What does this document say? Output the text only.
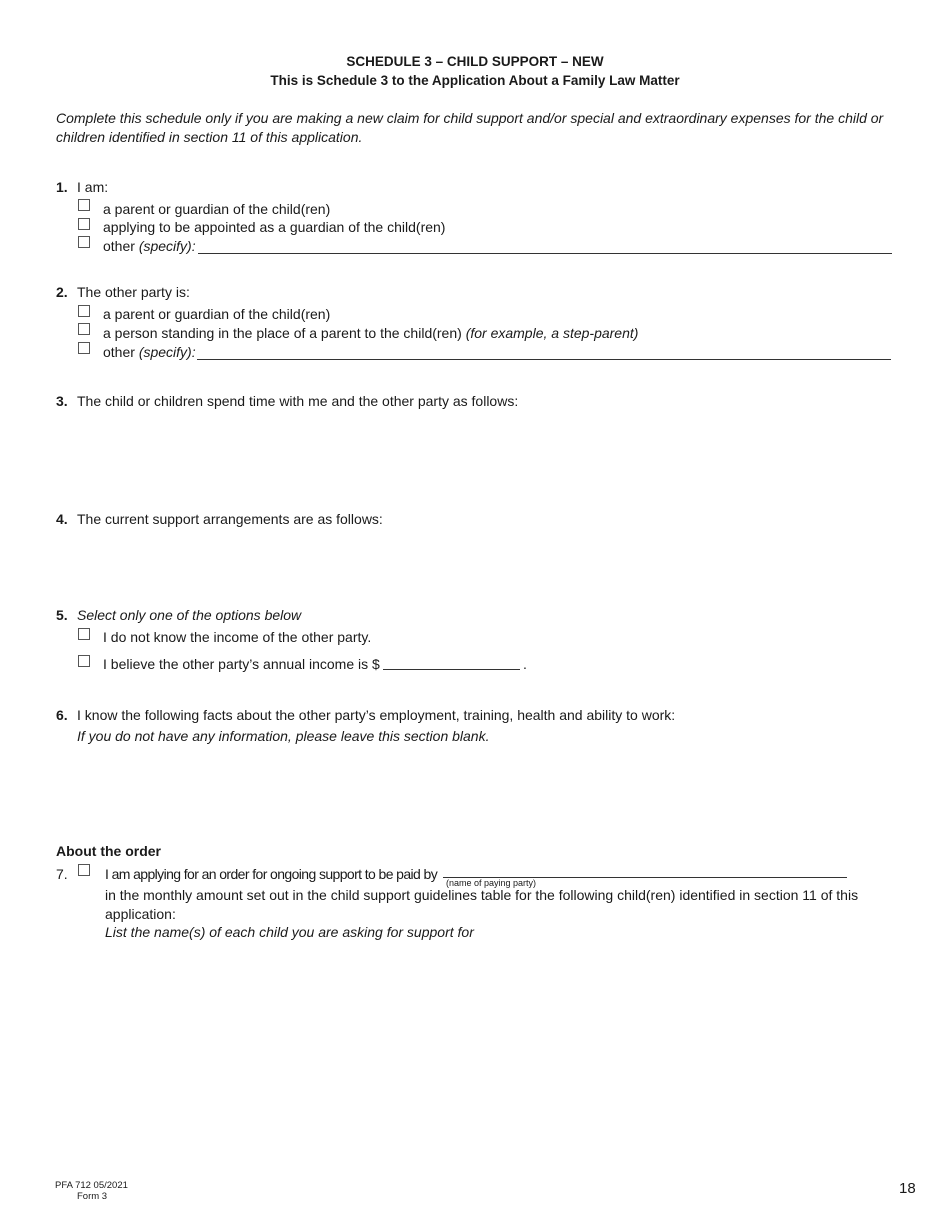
SCHEDULE 3 – CHILD SUPPORT – NEW
This is Schedule 3 to the Application About a Family Law Matter
Complete this schedule only if you are making a new claim for child support and/or special and extraordinary expenses for the child or children identified in section 11 of this application.
1. I am:
a parent or guardian of the child(ren)
applying to be appointed as a guardian of the child(ren)
other (specify):
2. The other party is:
a parent or guardian of the child(ren)
a person standing in the place of a parent to the child(ren) (for example, a step-parent)
other (specify):
3. The child or children spend time with me and the other party as follows:
4. The current support arrangements are as follows:
5. Select only one of the options below
I do not know the income of the other party.
I believe the other party’s annual income is $	.
6. I know the following facts about the other party’s employment, training, health and ability to work:
If you do not have any information, please leave this section blank.
About the order
7.	I am applying for an order for ongoing support to be paid by
(name of paying party)
in the monthly amount set out in the child support guidelines table for the following child(ren) identified in section 11 of this
application:
List the name(s) of each child you are asking for support for
PFA 712 05/2021
Form 3	18
